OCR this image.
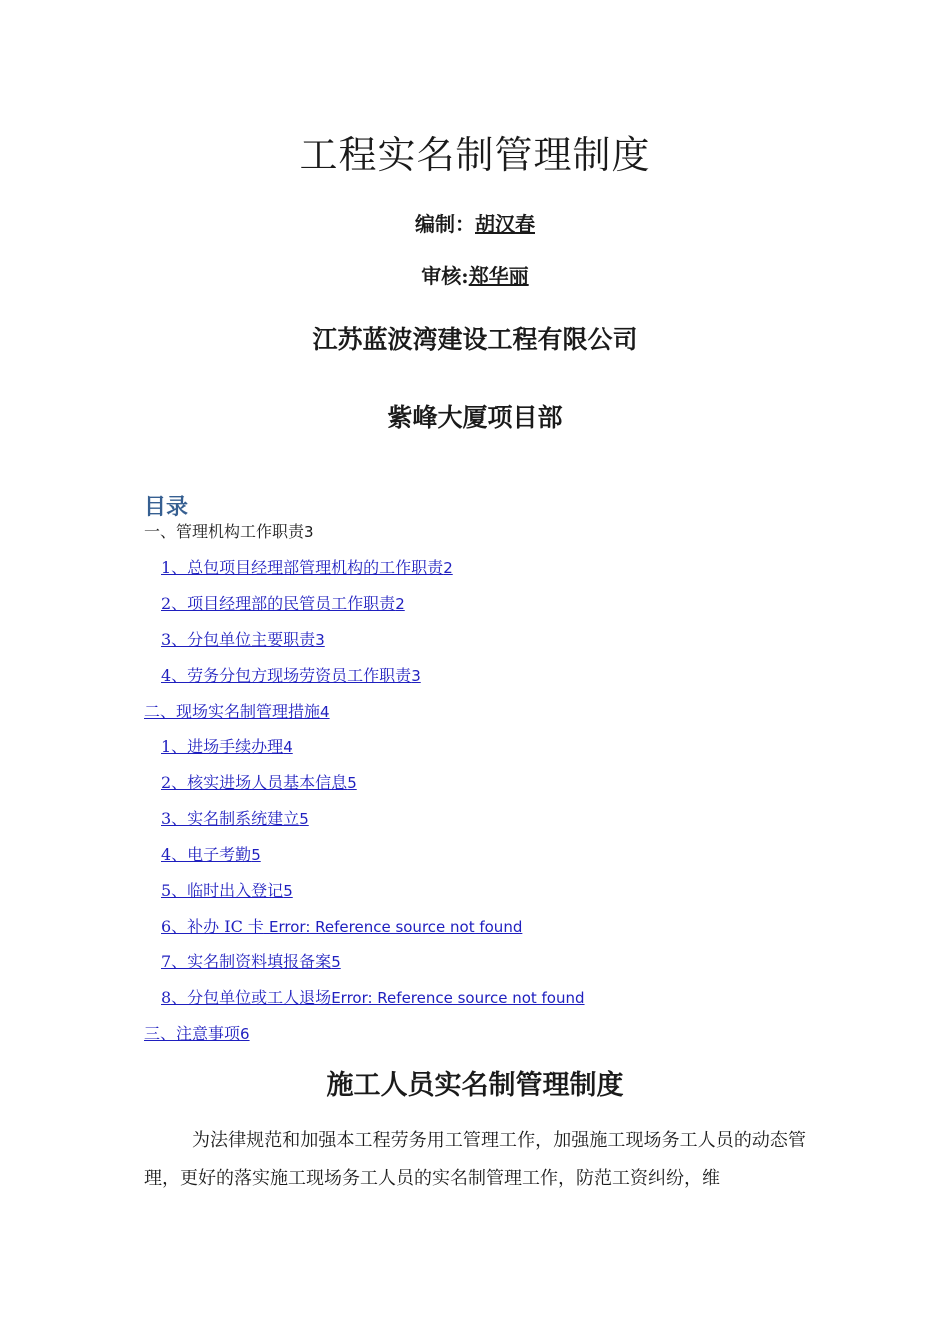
工程实名制管理制度
编制：胡汉春
审核:郑华丽
江苏蓝波湾建设工程有限公司
紫峰大厦项目部
目录
一、管理机构工作职责3
1、总包项目经理部管理机构的工作职责2
2、项目经理部的民管员工作职责2
3、分包单位主要职责3
4、劳务分包方现场劳资员工作职责3
二、现场实名制管理措施4
1、进场手续办理4
2、核实进场人员基本信息5
3、实名制系统建立5
4、电子考勤5
5、临时出入登记5
6、补办 IC 卡 Error: Reference source not found
7、实名制资料填报备案5
8、分包单位或工人退场Error: Reference source not found
三、注意事项6
施工人员实名制管理制度

为法律规范和加强本工程劳务用工管理工作，加强施工现场务工人员的动态管理，更好的落实施工现场务工人员的实名制管理工作，防范工资纠纷，维
